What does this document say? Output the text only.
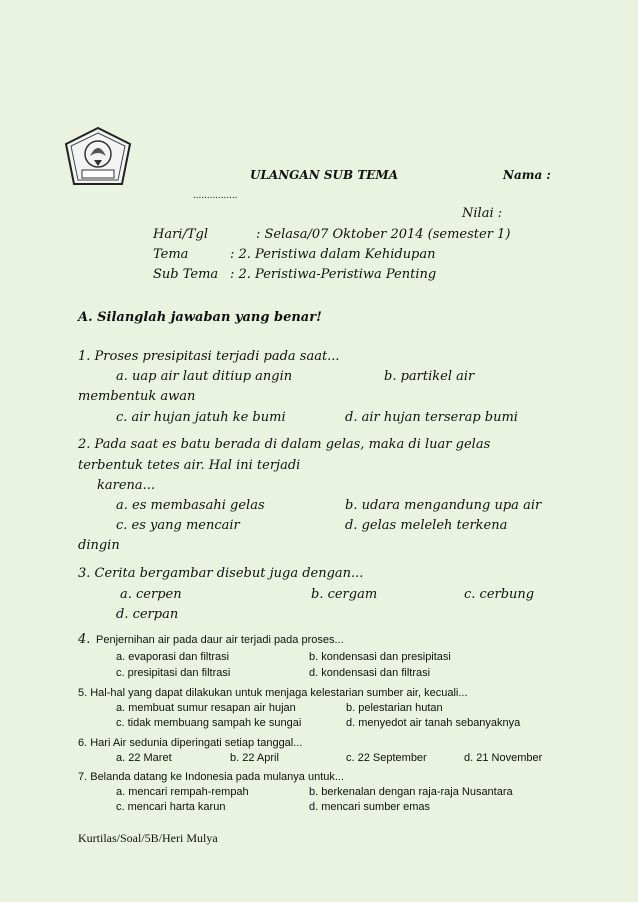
ULANGAN SUB TEMA	Nama :
................
Nilai :
Hari/Tgl	: Selasa/07 Oktober 2014 (semester 1)
Tema	: 2. Peristiwa dalam Kehidupan
Sub Tema : 2. Peristiwa-Peristiwa Penting
A. Silanglah jawaban yang benar!
1. Proses presipitasi terjadi pada saat...
a. uap air laut ditiup angin	b. partikel air
membentuk awan
c. air hujan jatuh ke bumi	d. air hujan terserap bumi
2. Pada saat es batu berada di dalam gelas, maka di luar gelas
terbentuk tetes air. Hal ini terjadi
karena...
a. es membasahi gelas	b. udara mengandung upa air
c. es yang mencair	d. gelas meleleh terkena
dingin
3. Cerita bergambar disebut juga dengan...
a. cerpen	b. cergam	c. cerbung
d. cerpan
4. Penjernihan air pada daur air terjadi pada proses...
a. evaporasi dan filtrasi	b. kondensasi dan presipitasi
c. presipitasi dan filtrasi	d. kondensasi dan filtrasi
5. Hal-hal yang dapat dilakukan untuk menjaga kelestarian sumber air, kecuali...
a. membuat sumur resapan air hujan	b. pelestarian hutan
c. tidak membuang sampah ke sungai	d. menyedot air tanah sebanyaknya
6. Hari Air sedunia diperingati setiap tanggal...
a. 22 Maret	b. 22 April	c. 22 September	d. 21 November
7. Belanda datang ke Indonesia pada mulanya untuk...
a. mencari rempah-rempah	b. berkenalan dengan raja-raja Nusantara
c. mencari harta karun	d. mencari sumber emas
Kurtilas/Soal/5B/Heri Mulya
